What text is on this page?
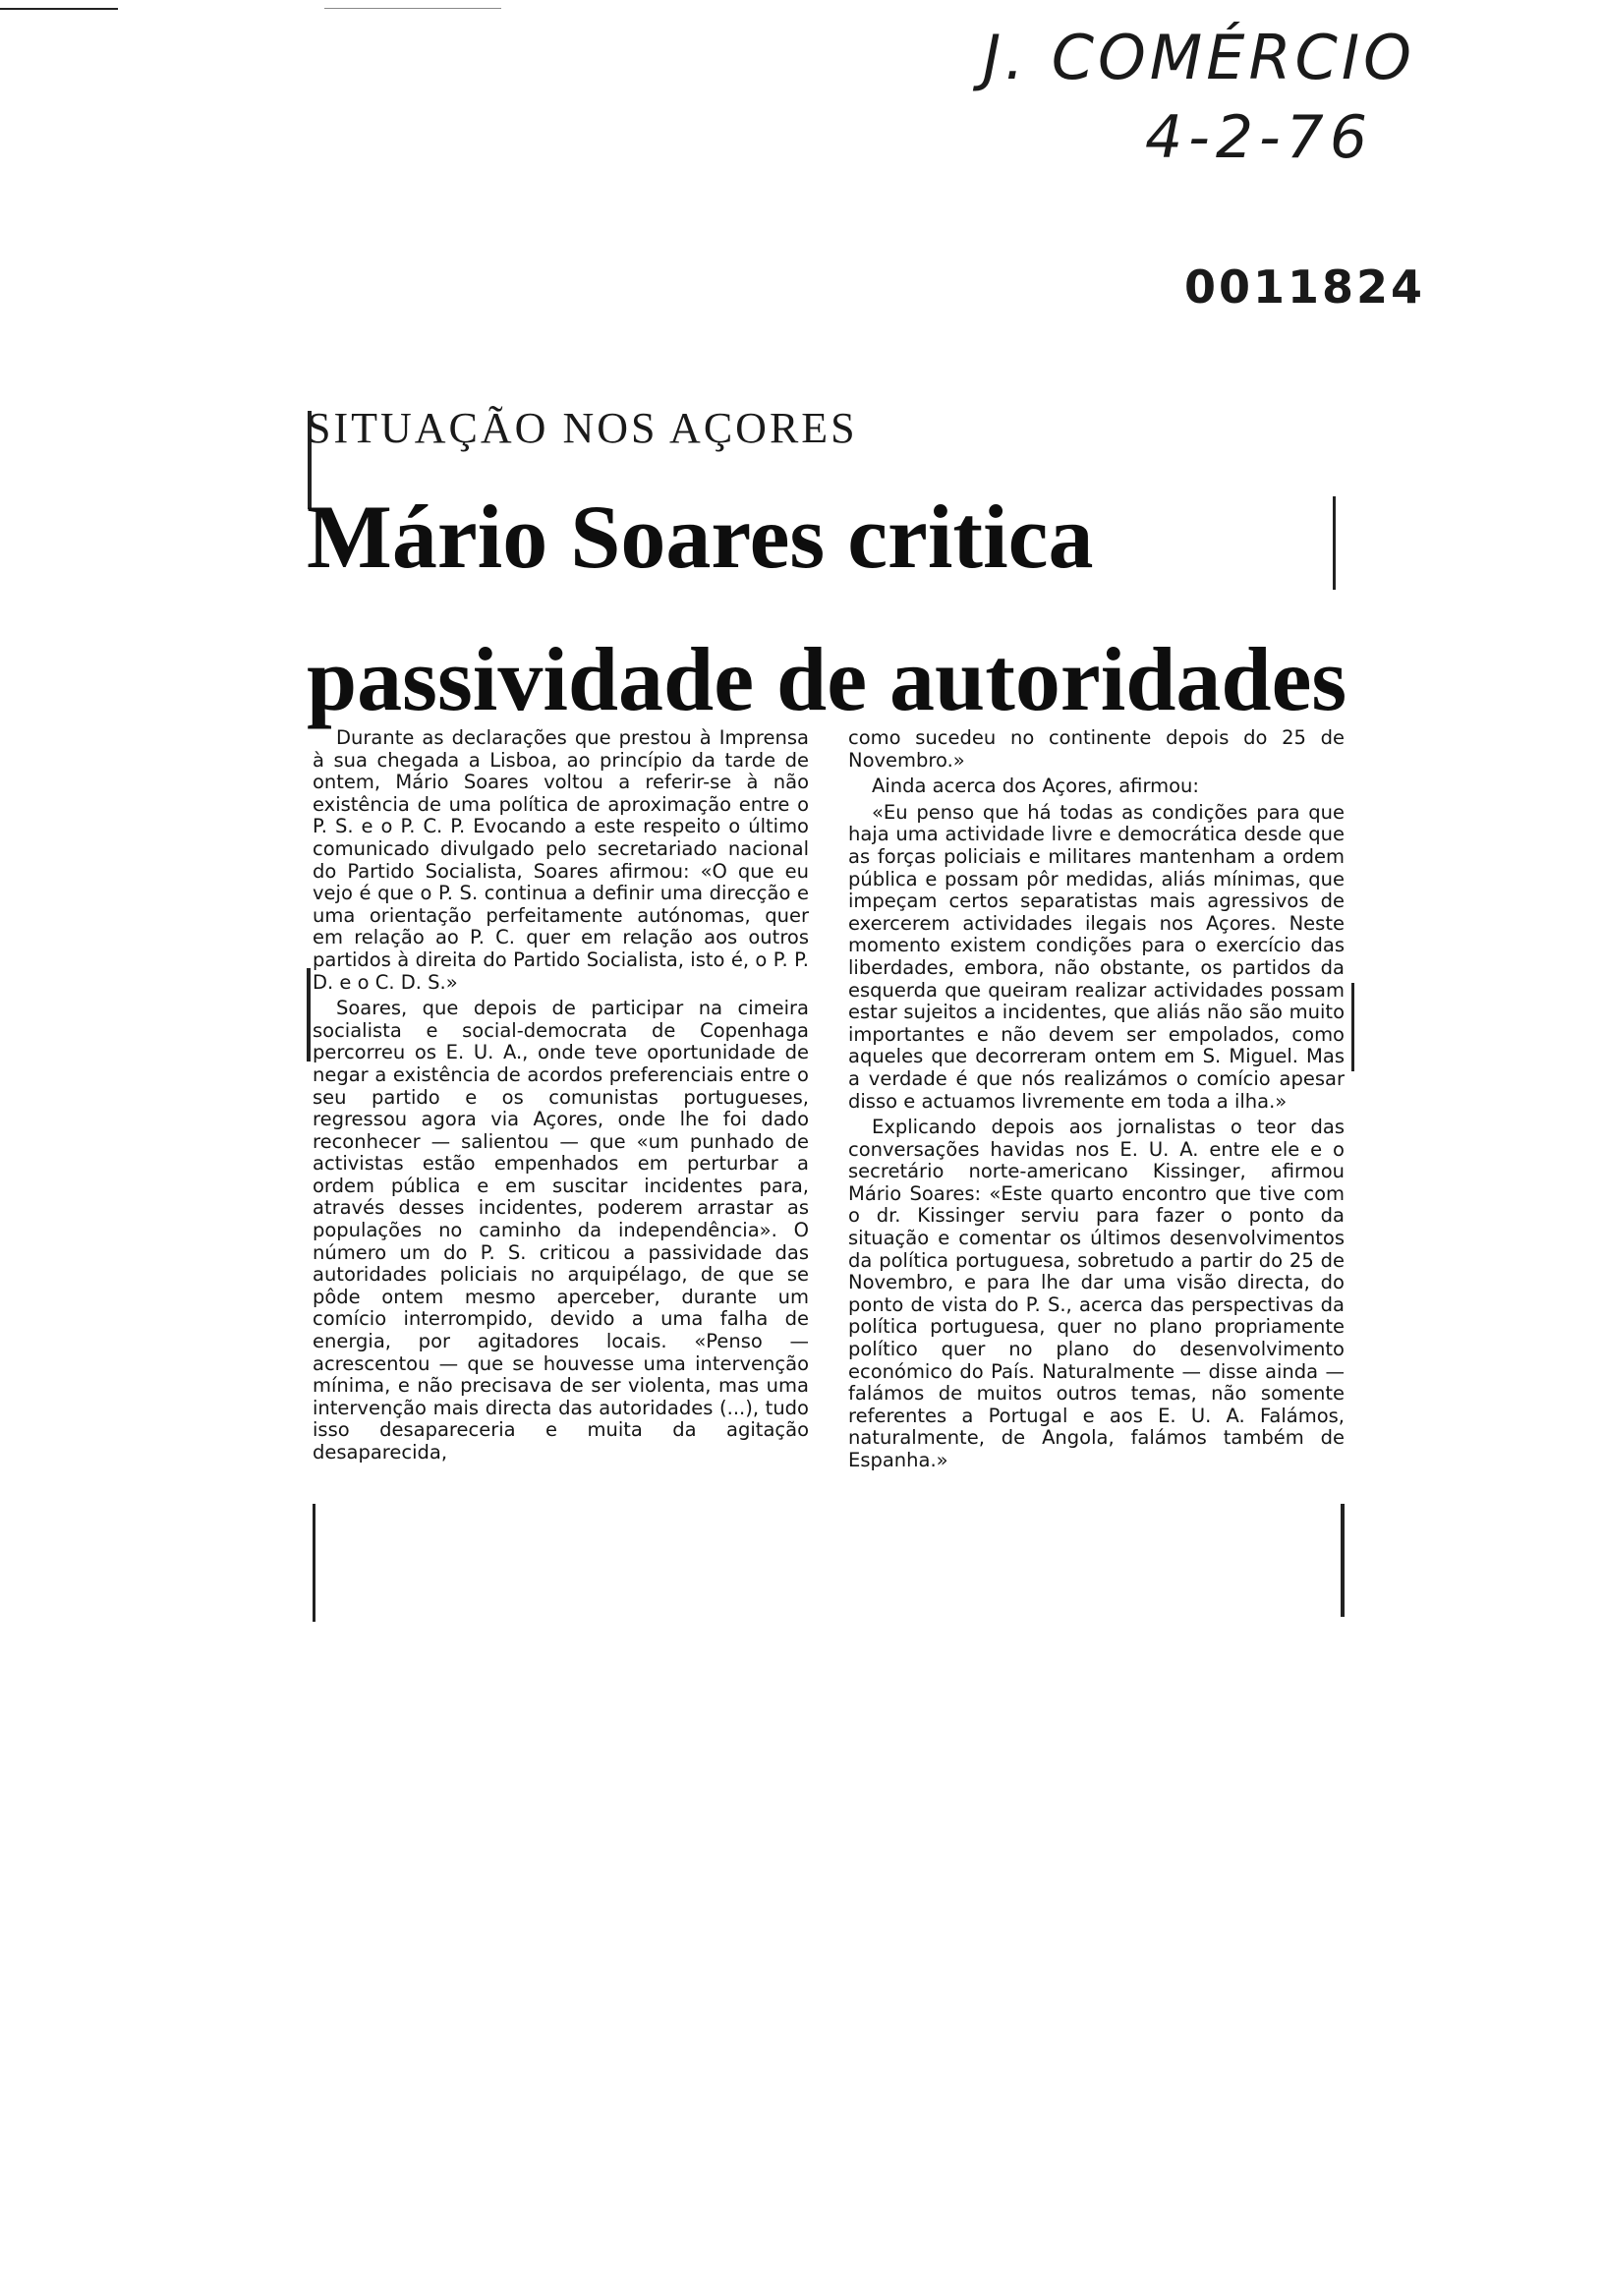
J. COMÉRCIO
4-2-76
0011824
SITUAÇÃO NOS AÇORES
Mário Soares critica
passividade de autoridades

Durante as declarações que prestou à Imprensa à sua chegada a Lisboa, ao princípio da tarde de ontem, Mário Soares voltou a referir-se à não existência de uma política de aproximação entre o P. S. e o P. C. P. Evocando a este respeito o último comunicado divulgado pelo secretariado nacional do Partido Socialista, Soares afirmou: «O que eu vejo é que o P. S. continua a definir uma direcção e uma orientação perfeitamente autónomas, quer em relação ao P. C. quer em relação aos outros partidos à direita do Partido Socialista, isto é, o P. P. D. e o C. D. S.»

Soares, que depois de participar na cimeira socialista e social-democrata de Copenhaga percorreu os E. U. A., onde teve oportunidade de negar a existência de acordos preferenciais entre o seu partido e os comunistas portugueses, regressou agora via Açores, onde lhe foi dado reconhecer — salientou — que «um punhado de activistas estão empenhados em perturbar a ordem pública e em suscitar incidentes para, através desses incidentes, poderem arrastar as populações no caminho da independência». O número um do P. S. criticou a passividade das autoridades policiais no arquipélago, de que se pôde ontem mesmo aperceber, durante um comício interrompido, devido a uma falha de energia, por agitadores locais. «Penso — acrescentou — que se houvesse uma intervenção mínima, e não precisava de ser violenta, mas uma intervenção mais directa das autoridades (...), tudo isso desapareceria e muita da agitação desaparecida,

como sucedeu no continente depois do 25 de Novembro.»

Ainda acerca dos Açores, afirmou:

«Eu penso que há todas as condições para que haja uma actividade livre e democrática desde que as forças policiais e militares mantenham a ordem pública e possam pôr medidas, aliás mínimas, que impeçam certos separatistas mais agressivos de exercerem actividades ilegais nos Açores. Neste momento existem condições para o exercício das liberdades, embora, não obstante, os partidos da esquerda que queiram realizar actividades possam estar sujeitos a incidentes, que aliás não são muito importantes e não devem ser empolados, como aqueles que decorreram ontem em S. Miguel. Mas a verdade é que nós realizámos o comício apesar disso e actuamos livremente em toda a ilha.»

Explicando depois aos jornalistas o teor das conversações havidas nos E. U. A. entre ele e o secretário norte-americano Kissinger, afirmou Mário Soares: «Este quarto encontro que tive com o dr. Kissinger serviu para fazer o ponto da situação e comentar os últimos desenvolvimentos da política portuguesa, sobretudo a partir do 25 de Novembro, e para lhe dar uma visão directa, do ponto de vista do P. S., acerca das perspectivas da política portuguesa, quer no plano propriamente político quer no plano do desenvolvimento económico do País. Naturalmente — disse ainda — falámos de muitos outros temas, não somente referentes a Portugal e aos E. U. A. Falámos, naturalmente, de Angola, falámos também de Espanha.»
